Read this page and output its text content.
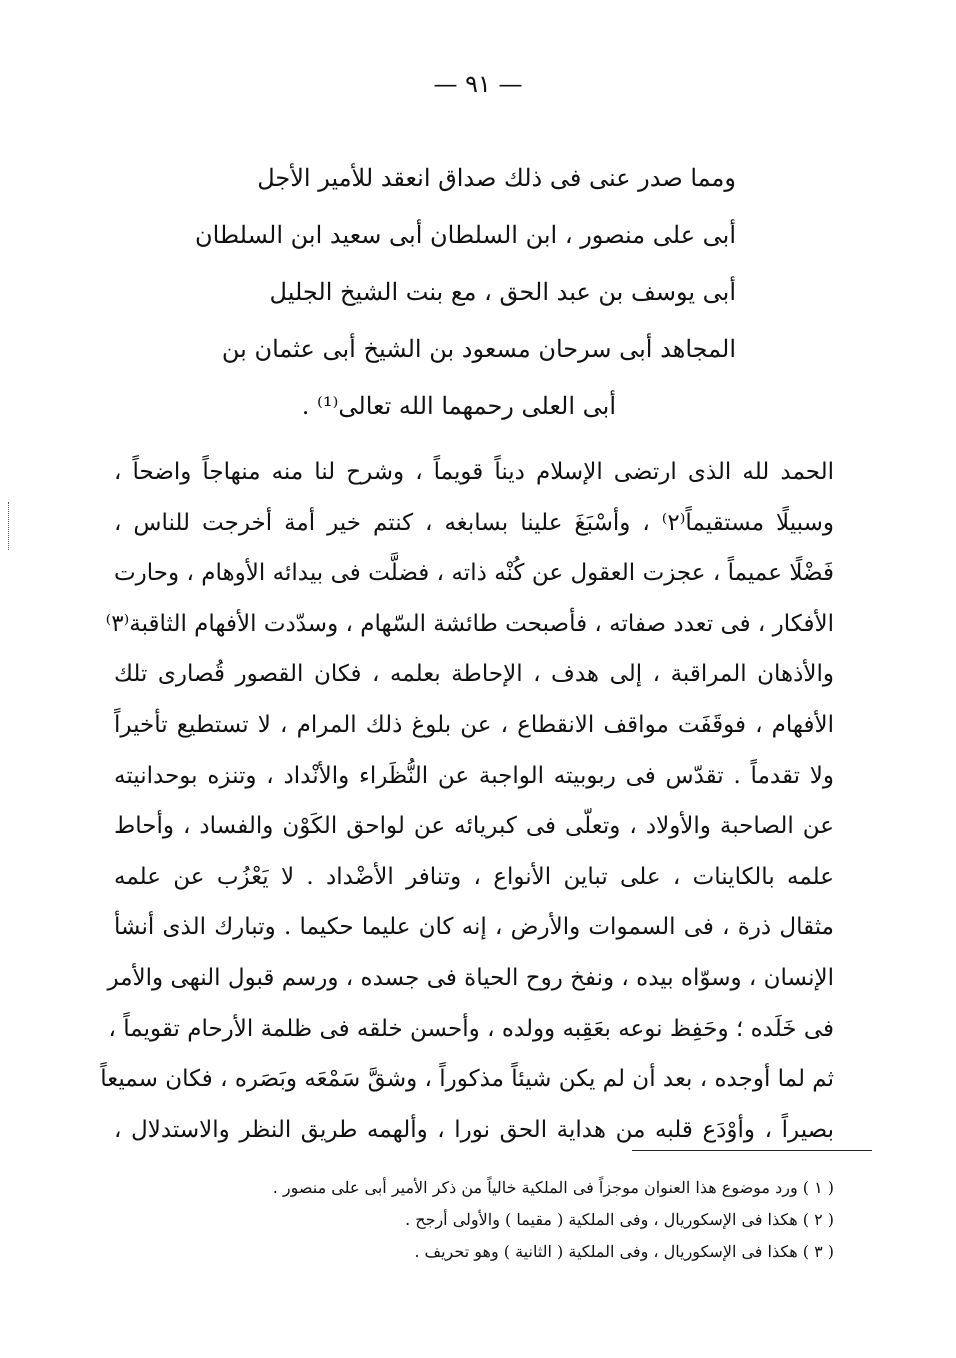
— ٩١ —
ومما صدر عنى فى ذلك صداق انعقد للأمير الأجل
أبى على منصور ، ابن السلطان أبى سعيد ابن السلطان
أبى يوسف بن عبد الحق ، مع بنت الشيخ الجليل
المجاهد أبى سرحان مسعود بن الشيخ أبى عثمان بن
أبى العلى رحمهما الله تعالى⁽¹⁾ .
الحمد لله الذى ارتضى الإسلام ديناً قويماً ، وشرح لنا منه منهاجاً واضحاً ،
وسبيلًا مستقيماً⁽٢⁾ ، وأسْبَغَ علينا بسابغه ، كنتم خير أمة أخرجت للناس ،
فَضْلًا عميماً ، عجزت العقول عن كُنْه ذاته ، فضلَّت فى بيدائه الأوهام ، وحارت
الأفكار ، فى تعدد صفاته ، فأصبحت طائشة السّهام ، وسدّدت الأفهام الثاقبة⁽٣⁾
والأذهان المراقبة ، إلى هدف ، الإحاطة بعلمه ، فكان القصور قُصارى تلك
الأفهام ، فوقَفَت مواقف الانقطاع ، عن بلوغ ذلك المرام ، لا تستطيع تأخيراً
ولا تقدماً . تقدّس فى ربوبيته الواجبة عن النُّظَراء والأنْداد ، وتنزه بوحدانيته
عن الصاحبة والأولاد ، وتعلّى فى كبريائه عن لواحق الكَوْن والفساد ، وأحاط
علمه بالكاينات ، على تباين الأنواع ، وتنافر الأضْداد . لا يَعْزُب عن علمه
مثقال ذرة ، فى السموات والأرض ، إنه كان عليما حكيما . وتبارك الذى أنشأ
الإنسان ، وسوّاه بيده ، ونفخ روح الحياة فى جسده ، ورسم قبول النهى والأمر
فى خَلَده ؛ وحَفِظ نوعه بعَقِبه وولده ، وأحسن خلقه فى ظلمة الأرحام تقويماً ،
ثم لما أوجده ، بعد أن لم يكن شيئاً مذكوراً ، وشقَّ سَمْعَه وبَصَره ، فكان سميعاً
بصيراً ، وأوْدَع قلبه من هداية الحق نورا ، وألهمه طريق النظر والاستدلال ،
( ١ ) ورد موضوع هذا العنوان موجزاً فى الملكية خالياً من ذكر الأمير أبى على منصور .
( ٢ ) هكذا فى الإسكوريال ، وفى الملكية ( مقيما ) والأولى أرجح .
( ٣ ) هكذا فى الإسكوريال ، وفى الملكية ( الثانية ) وهو تحريف .
